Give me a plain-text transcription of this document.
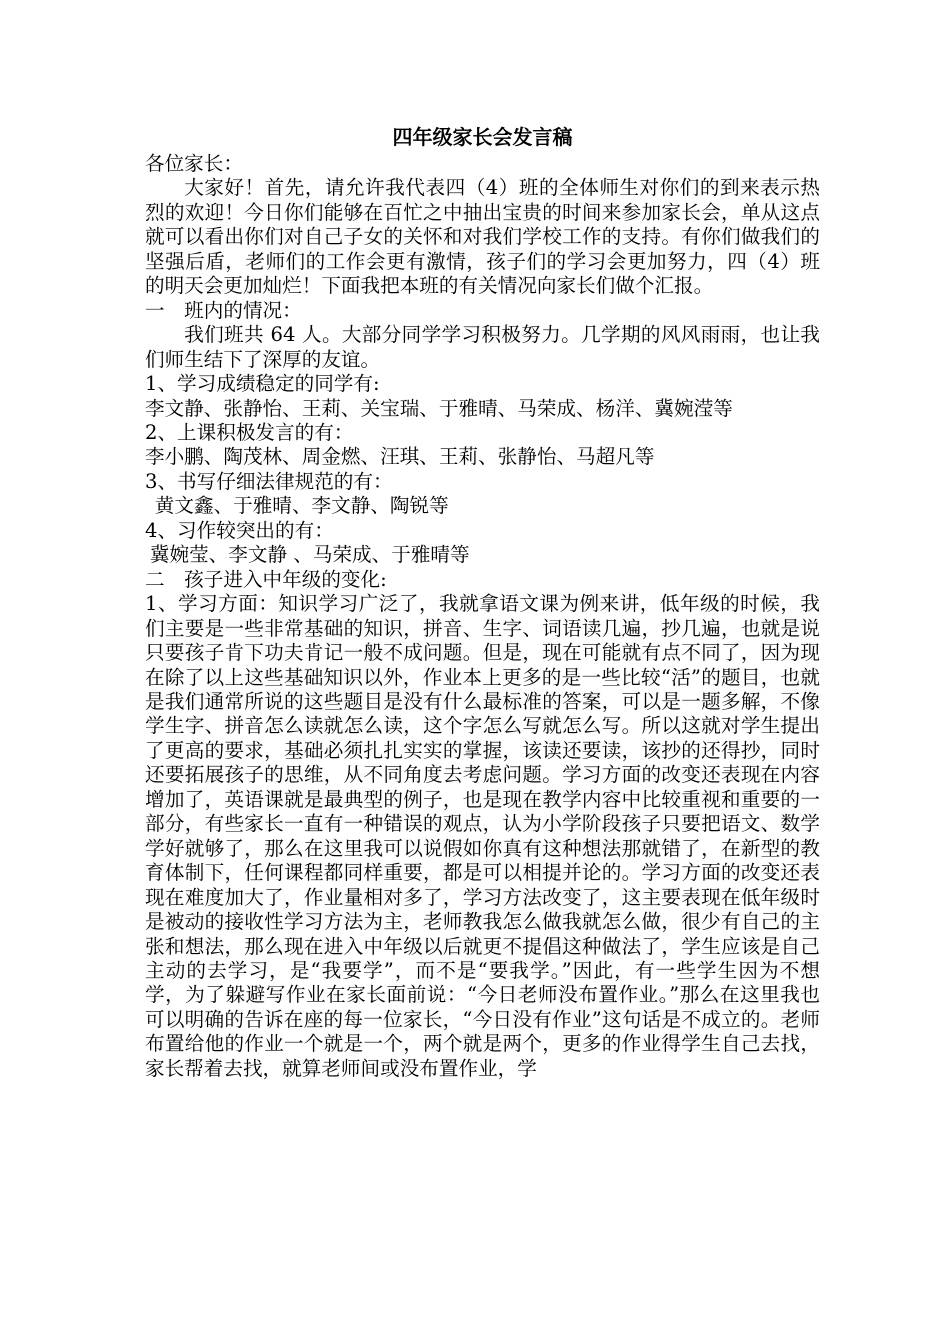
四年级家长会发言稿

各位家长：

大家好！首先，请允许我代表四（4）班的全体师生对你们的到来表示热烈的欢迎！今日你们能够在百忙之中抽出宝贵的时间来参加家长会，单从这点就可以看出你们对自己子女的关怀和对我们学校工作的支持。有你们做我们的坚强后盾，老师们的工作会更有激情，孩子们的学习会更加努力，四（4）班的明天会更加灿烂！下面我把本班的有关情况向家长们做个汇报。

一　班内的情况：

我们班共 64 人。大部分同学学习积极努力。几学期的风风雨雨，也让我们师生结下了深厚的友谊。

1、学习成绩稳定的同学有:

李文静、张静怡、王莉、关宝瑞、于雅晴、马荣成、杨洋、冀婉滢等

2、上课积极发言的有：

李小鹏、陶茂林、周金燃、汪琪、王莉、张静怡、马超凡等

3、书写仔细法律规范的有：

黄文鑫、于雅晴、李文静、陶锐等

4、习作较突出的有：

冀婉莹、李文静 、马荣成、于雅晴等

二　孩子进入中年级的变化:

1、学习方面：知识学习广泛了，我就拿语文课为例来讲，低年级的时候，我们主要是一些非常基础的知识，拼音、生字、词语读几遍，抄几遍，也就是说只要孩子肯下功夫肯记一般不成问题。但是，现在可能就有点不同了，因为现在除了以上这些基础知识以外，作业本上更多的是一些比较“活”的题目，也就是我们通常所说的这些题目是没有什么最标准的答案，可以是一题多解，不像学生字、拼音怎么读就怎么读，这个字怎么写就怎么写。所以这就对学生提出了更高的要求，基础必须扎扎实实的掌握，该读还要读，该抄的还得抄，同时还要拓展孩子的思维，从不同角度去考虑问题。学习方面的改变还表现在内容增加了，英语课就是最典型的例子，也是现在教学内容中比较重视和重要的一部分，有些家长一直有一种错误的观点，认为小学阶段孩子只要把语文、数学学好就够了，那么在这里我可以说假如你真有这种想法那就错了，在新型的教育体制下，任何课程都同样重要，都是可以相提并论的。学习方面的改变还表现在难度加大了，作业量相对多了，学习方法改变了，这主要表现在低年级时是被动的接收性学习方法为主，老师教我怎么做我就怎么做，很少有自己的主张和想法，那么现在进入中年级以后就更不提倡这种做法了，学生应该是自己主动的去学习，是“我要学”，而不是“要我学。”因此，有一些学生因为不想学，为了躲避写作业在家长面前说：“今日老师没布置作业。”那么在这里我也可以明确的告诉在座的每一位家长，“今日没有作业”这句话是不成立的。老师布置给他的作业一个就是一个，两个就是两个，更多的作业得学生自己去找，家长帮着去找，就算老师间或没布置作业，学
